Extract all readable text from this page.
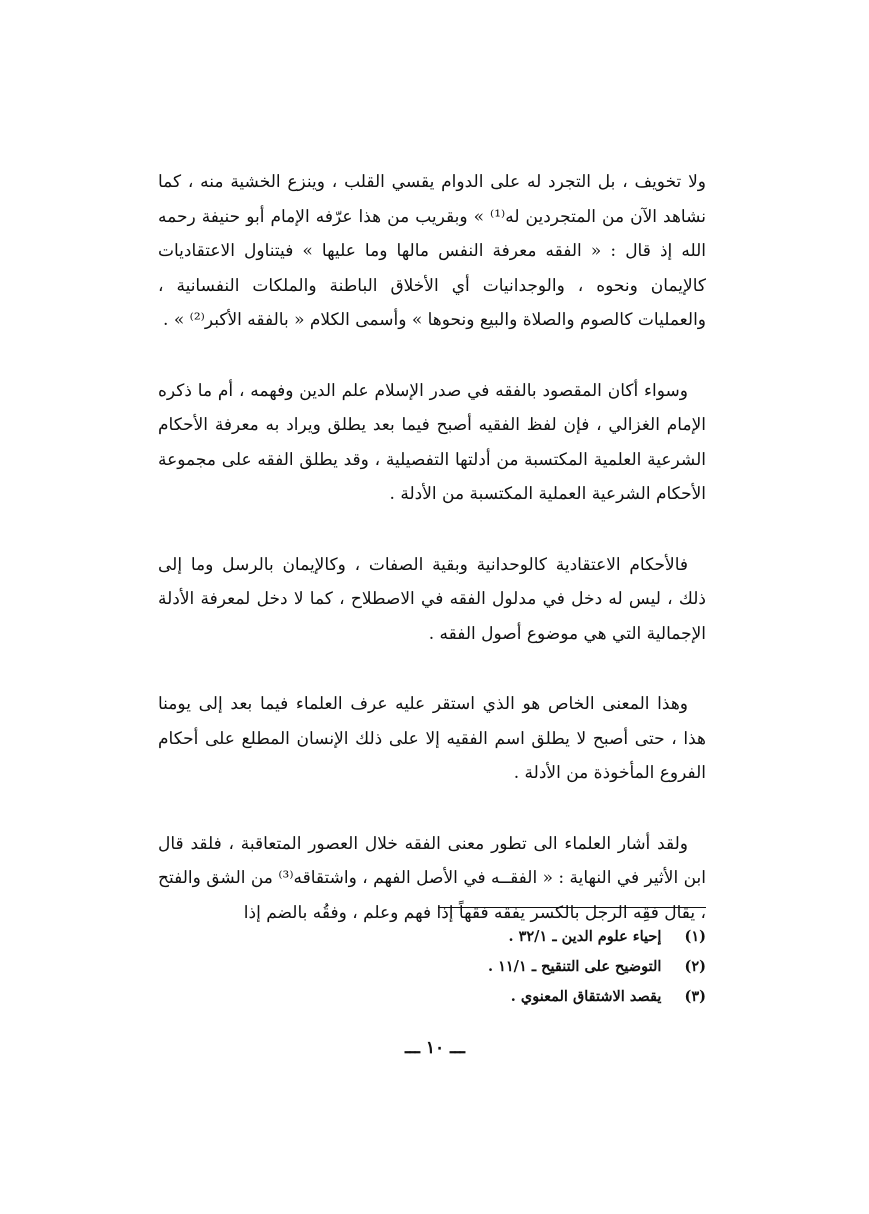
ولا تخويف ، بل التجرد له على الدوام يقسي القلب ، وينزع الخشية منه ، كما نشاهد الآن من المتجردين له⁽¹⁾ » وبقريب من هذا عرّفه الإمام أبو حنيفة رحمه الله إذ قال : « الفقه معرفة النفس مالها وما عليها » فيتناول الاعتقاديات كالإيمان ونحوه ، والوجدانيات أي الأخلاق الباطنة والملكات النفسانية ، والعمليات كالصوم والصلاة والبيع ونحوها » وأسمى الكلام « بالفقه الأكبر⁽²⁾ » .

وسواء أكان المقصود بالفقه في صدر الإسلام علم الدين وفهمه ، أم ما ذكره الإمام الغزالي ، فإن لفظ الفقيه أصبح فيما بعد يطلق ويراد به معرفة الأحكام الشرعية العلمية المكتسبة من أدلتها التفصيلية ، وقد يطلق الفقه على مجموعة الأحكام الشرعية العملية المكتسبة من الأدلة .

فالأحكام الاعتقادية كالوحدانية وبقية الصفات ، وكالإيمان بالرسل وما إلى ذلك ، ليس له دخل في مدلول الفقه في الاصطلاح ، كما لا دخل لمعرفة الأدلة الإجمالية التي هي موضوع أصول الفقه .

وهذا المعنى الخاص هو الذي استقر عليه عرف العلماء فيما بعد إلى يومنا هذا ، حتى أصبح لا يطلق اسم الفقيه إلا على ذلك الإنسان المطلع على أحكام الفروع المأخوذة من الأدلة .

ولقد أشار العلماء الى تطور معنى الفقه خلال العصور المتعاقبة ، فلقد قال ابن الأثير في النهاية : « الفقــه في الأصل الفهم ، واشتقاقه⁽³⁾ من الشق والفتح ، يقال فقِه الرجل بالكسر يفقه فقهاً إذا فهم وعلم ، وفقُه بالضم إذا

(١) إحياء علوم الدين ـ ٣٢/١ .
(٢) التوضيح على التنقيح ـ ١١/١ .
(٣) يقصد الاشتقاق المعنوي .
ـــ ١٠ ـــ
